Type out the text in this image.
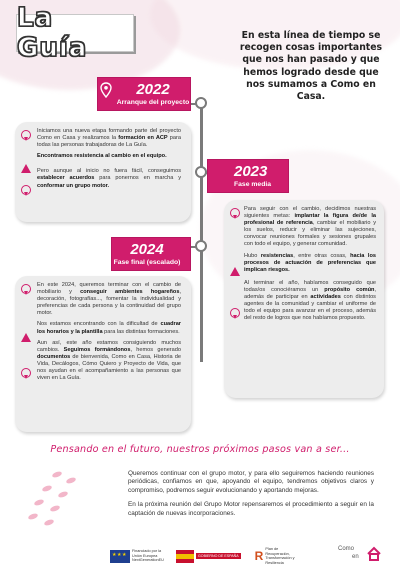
La Guía	En esta línea de tiempo se recogen cosas importantes que nos han pasado y que hemos logrado desde que nos sumamos a Como en Casa.
2022
Arranque del proyecto

Iniciamos una nueva etapa formando parte del proyecto Como en Casa y realizamos la formación en ACP para todas las personas trabajadoras de La Guía.

Encontramos resistencia al cambio en el equipo.

Pero aunque al inicio no fuera fácil, conseguimos establecer acuerdos para ponernos en marcha y conformar un grupo motor.

2023
Fase media

Para seguir con el cambio, decidimos nuestras siguientes metas: implantar la figura de/de la profesional de referencia, cambiar el mobiliario y los suelos, reducir y eliminar las sujeciones, convocar reuniones formales y sesiones grupales con todo el equipo, y generar comunidad.

Hubo resistencias, entre otras cosas, hacia los procesos de actuación de preferencias que implican riesgos.

Al terminar el año, habíamos conseguido que todas/os conociéramos un propósito común, además de participar en actividades con distintos agentes de la comunidad y cambiar el uniforme de todo el equipo para avanzar en el proceso, además del resto de logros que nos habíamos propuesto.

2024
Fase final (escalado)

En este 2024, queremos terminar con el cambio de mobiliario y conseguir ambientes hogareños, decoración, fotografías..., fomentar la individualidad y preferencias de cada persona y la continuidad del grupo motor.

Nos estamos encontrando con la dificultad de cuadrar los horarios y la plantilla para las distintas formaciones.

Aun así, este año estamos consiguiendo muchos cambios. Seguimos formándonos, hemos generado documentos de bienvenida, Como en Casa, Historia de Vida, Decálogos, Cómo Quiero y Proyecto de Vida, que nos ayudan en el acompañamiento a las personas que viven en La Guía.

Pensando en el futuro, nuestros próximos pasos van a ser...

Queremos continuar con el grupo motor, y para ello seguiremos haciendo reuniones periódicas, confiamos en que, apoyando el equipo, tendremos objetivos claros y compromiso, podremos seguir evolucionando y aportando mejoras.

En la próxima reunión del Grupo Motor repensaremos el procedimiento a seguir en la captación de nuevas incorporaciones.

★★★
Financiado por la Unión Europea NextGenerationEU
GOBIERNO DE ESPAÑA R Plan de Recuperación, Transformación y Resiliencia
Como
en
